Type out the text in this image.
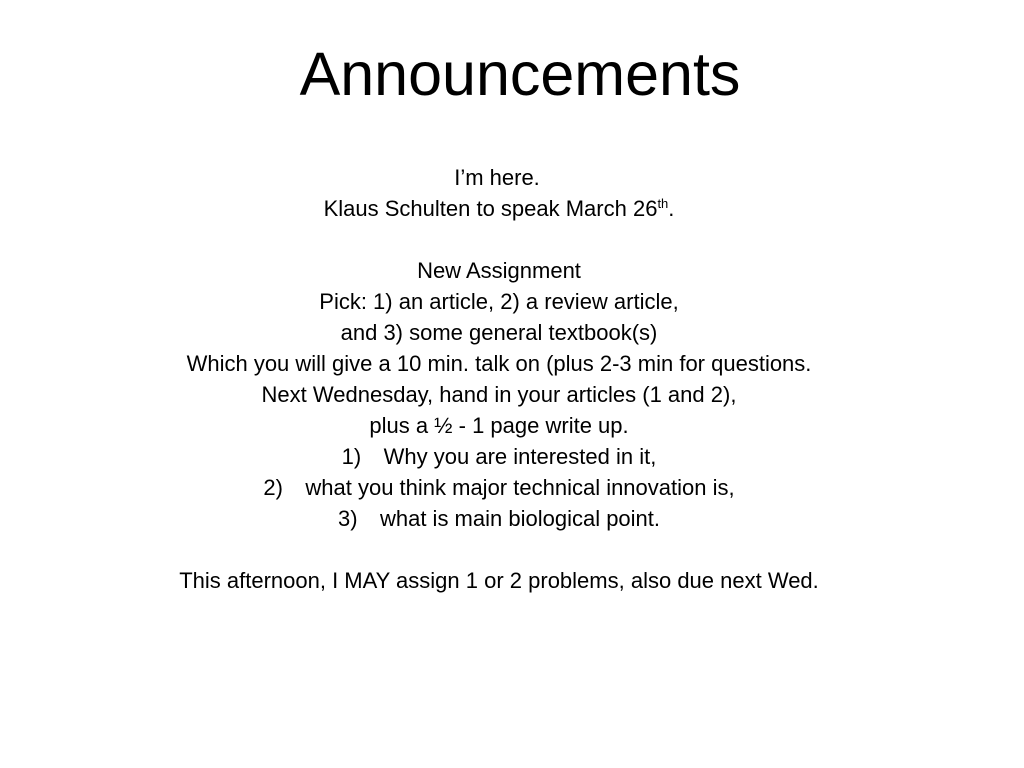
Announcements
I’m here.
Klaus Schulten to speak March 26th.
New Assignment
Pick: 1) an article, 2) a review article,
and 3) some general textbook(s)
Which you will give a 10 min. talk on (plus 2-3 min for questions.
Next Wednesday, hand in your articles (1 and 2),
plus a ½ - 1 page write up.
1) Why you are interested in it,
2) what you think major technical innovation is,
3) what is main biological point.
This afternoon, I MAY assign 1 or 2 problems, also due next Wed.
